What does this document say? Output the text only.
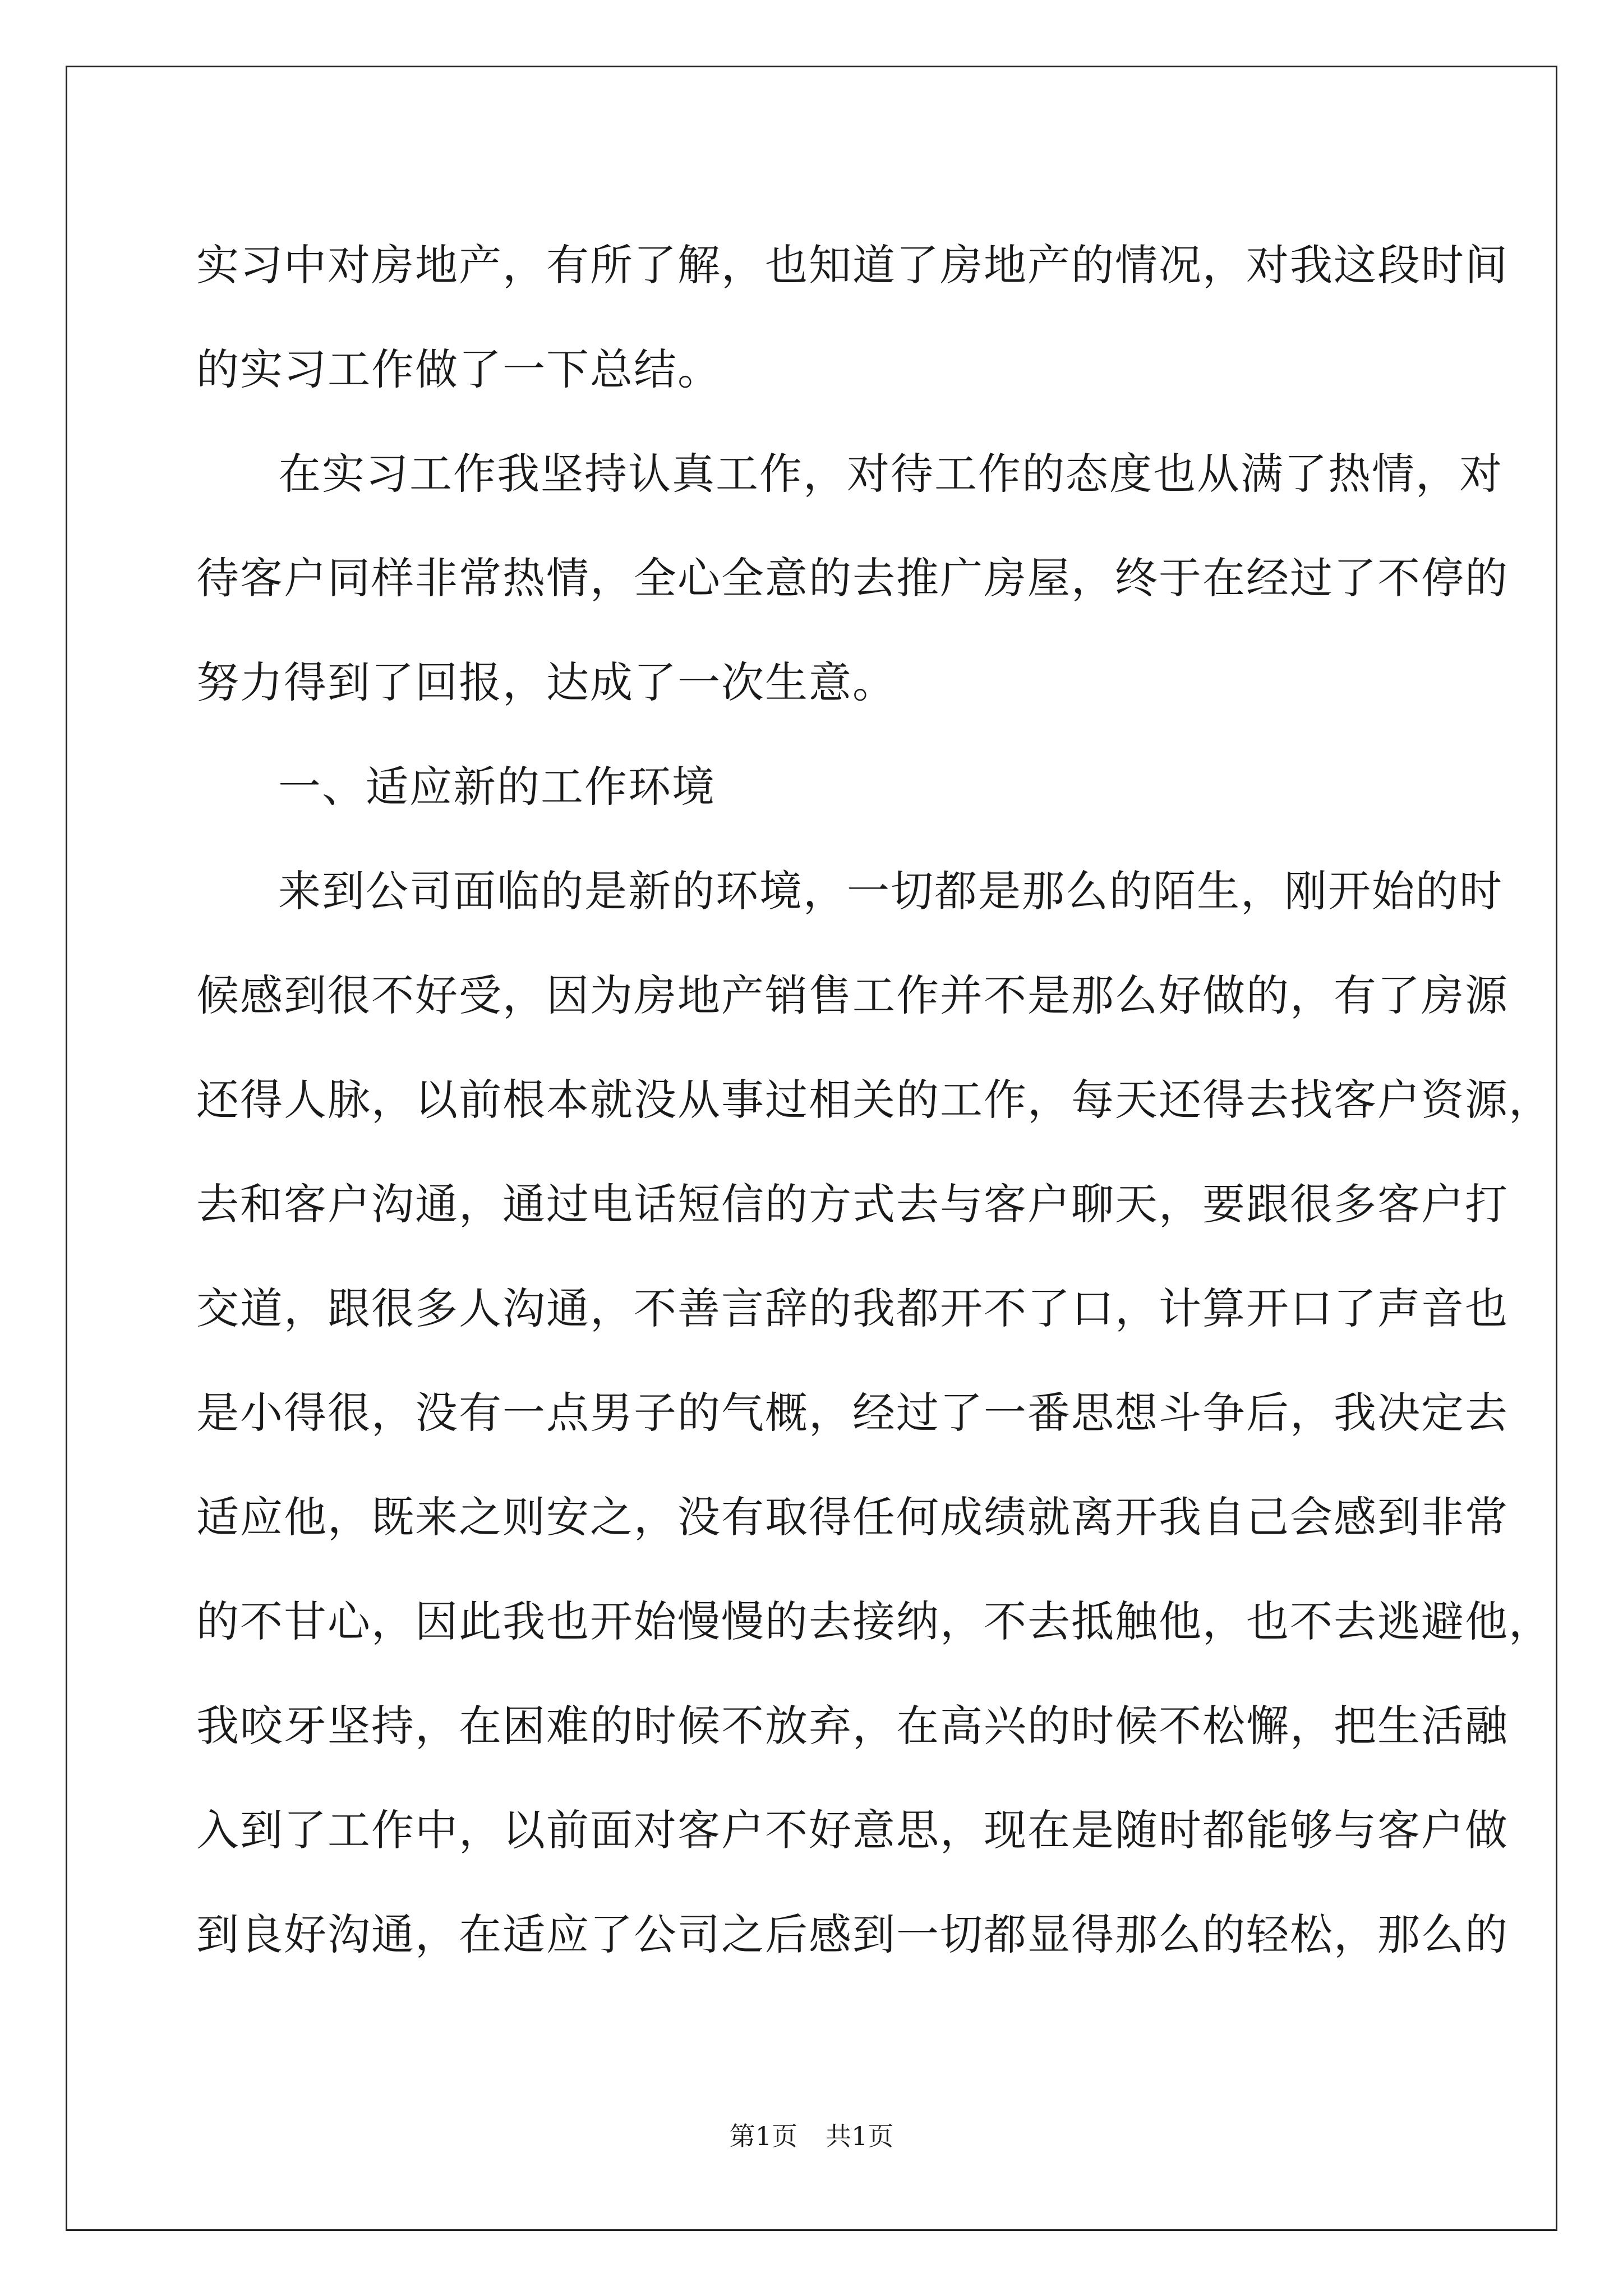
实习中对房地产，有所了解，也知道了房地产的情况，对我这段时间
的实习工作做了一下总结。
在实习工作我坚持认真工作，对待工作的态度也从满了热情，对
待客户同样非常热情，全心全意的去推广房屋，终于在经过了不停的
努力得到了回报，达成了一次生意。
一、适应新的工作环境
来到公司面临的是新的环境，一切都是那么的陌生，刚开始的时
候感到很不好受，因为房地产销售工作并不是那么好做的，有了房源
还得人脉，以前根本就没从事过相关的工作，每天还得去找客户资源，
去和客户沟通，通过电话短信的方式去与客户聊天，要跟很多客户打
交道，跟很多人沟通，不善言辞的我都开不了口，计算开口了声音也
是小得很，没有一点男子的气概，经过了一番思想斗争后，我决定去
适应他，既来之则安之，没有取得任何成绩就离开我自己会感到非常
的不甘心，因此我也开始慢慢的去接纳，不去抵触他，也不去逃避他，
我咬牙坚持，在困难的时候不放弃，在高兴的时候不松懈，把生活融
入到了工作中，以前面对客户不好意思，现在是随时都能够与客户做
到良好沟通，在适应了公司之后感到一切都显得那么的轻松，那么的
第1页 共1页
